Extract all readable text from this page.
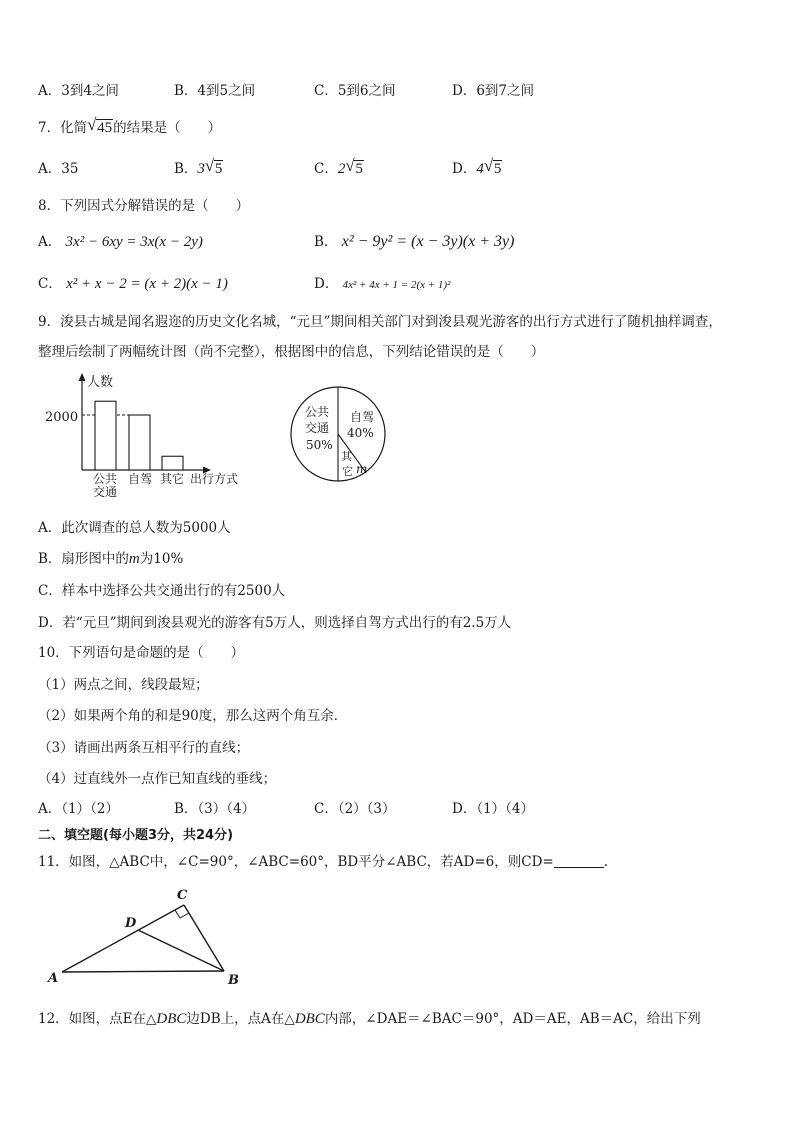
A．3到4之间	B．4到5之间	C．5到6之间	D．6到7之间
7．化简 √ 45的结果是（　　）
A．35	B．3 √ 5	C．2 √ 5	D．4 √ 5
8．下列因式分解错误的是（　　）
A． 3x² − 6xy = 3x(x − 2y)	B． x² − 9y² = (x − 3y)(x + 3y)
C． x² + x − 2 = (x + 2)(x − 1)	D． 4x² + 4x + 1 = 2(x + 1)²
9．浚县古城是闻名遐迩的历史文化名城，“元旦”期间相关部门对到浚县观光游客的出行方式进行了随机抽样调查，
整理后绘制了两幅统计图（尚不完整），根据图中的信息，下列结论错误的是（　　）
人数
2000
公共
交通
自驾 其它 出行方式
公共
交通
50%
自驾
40%
其
它 m
A．此次调查的总人数为5000人
B．扇形图中的m为10%
C．样本中选择公共交通出行的有2500人
D．若“元旦”期间到浚县观光的游客有5万人，则选择自驾方式出行的有2.5万人
10．下列语句是命题的是（　　）
（1）两点之间，线段最短；
（2）如果两个角的和是90度，那么这两个角互余．
（3）请画出两条互相平行的直线；
（4）过直线外一点作已知直线的垂线；
A．（1）（2）	B．（3）（4）	C．（2）（3）	D．（1）（4）
二、填空题(每小题3分，共24分)
11．如图，△ABC中，∠C=90°，∠ABC=60°，BD平分∠ABC，若AD=6，则CD=	.
A	B
C
D
12．如图，点E在△DBC边DB上，点A在△DBC内部，∠DAE＝∠BAC＝90°，AD＝AE，AB＝AC，给出下列
